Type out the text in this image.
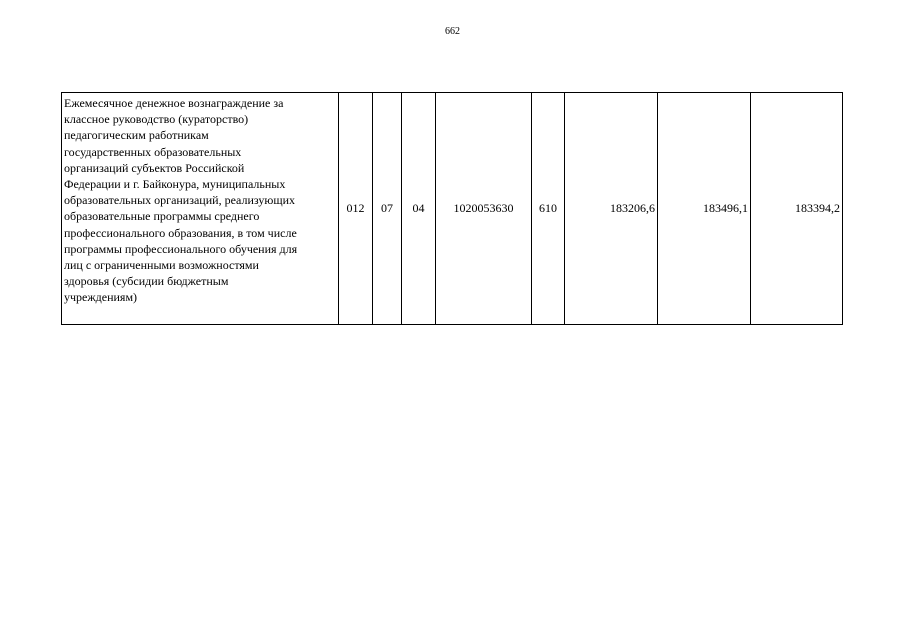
662
Ежемесячное денежное вознаграждение за
классное руководство (кураторство)
педагогическим работникам
государственных образовательных
организаций субъектов Российской
Федерации и г. Байконура, муниципальных
образовательных организаций, реализующих
образовательные программы среднего
профессионального образования, в том числе
программы профессионального обучения для
лиц с ограниченными возможностями
здоровья (субсидии бюджетным
учреждениям)
	012	07	04	1020053630	610	183206,6	183496,1	183394,2
